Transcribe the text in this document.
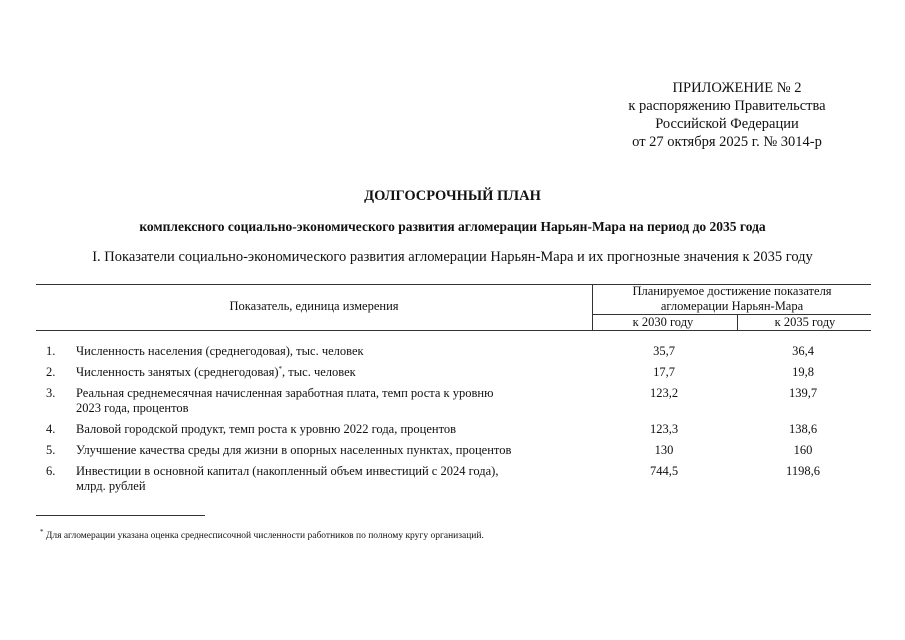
ПРИЛОЖЕНИЕ № 2
к распоряжению Правительства
Российской Федерации
от 27 октября 2025 г. № 3014-р
ДОЛГОСРОЧНЫЙ ПЛАН
комплексного социально-экономического развития агломерации Нарьян-Мара на период до 2035 года
I. Показатели социально-экономического развития агломерации Нарьян-Мара и их прогнозные значения к 2035 году
Показатель, единица измерения
Планируемое достижение показателя
агломерации Нарьян-Мара
к 2030 году	к 2035 году
1. Численность населения (среднегодовая), тыс. человек	35,7	36,4
2. Численность занятых (среднегодовая)*, тыс. человек	17,7	19,8
3. Реальная среднемесячная начисленная заработная плата, темп роста к уровню
2023 года, процентов
123,2	139,7
4. Валовой городской продукт, темп роста к уровню 2022 года, процентов	123,3	138,6
5. Улучшение качества среды для жизни в опорных населенных пунктах, процентов	130	160
6. Инвестиции в основной капитал (накопленный объем инвестиций с 2024 года),
млрд. рублей
744,5	1198,6
* Для агломерации указана оценка среднесписочной численности работников по полному кругу организаций.
